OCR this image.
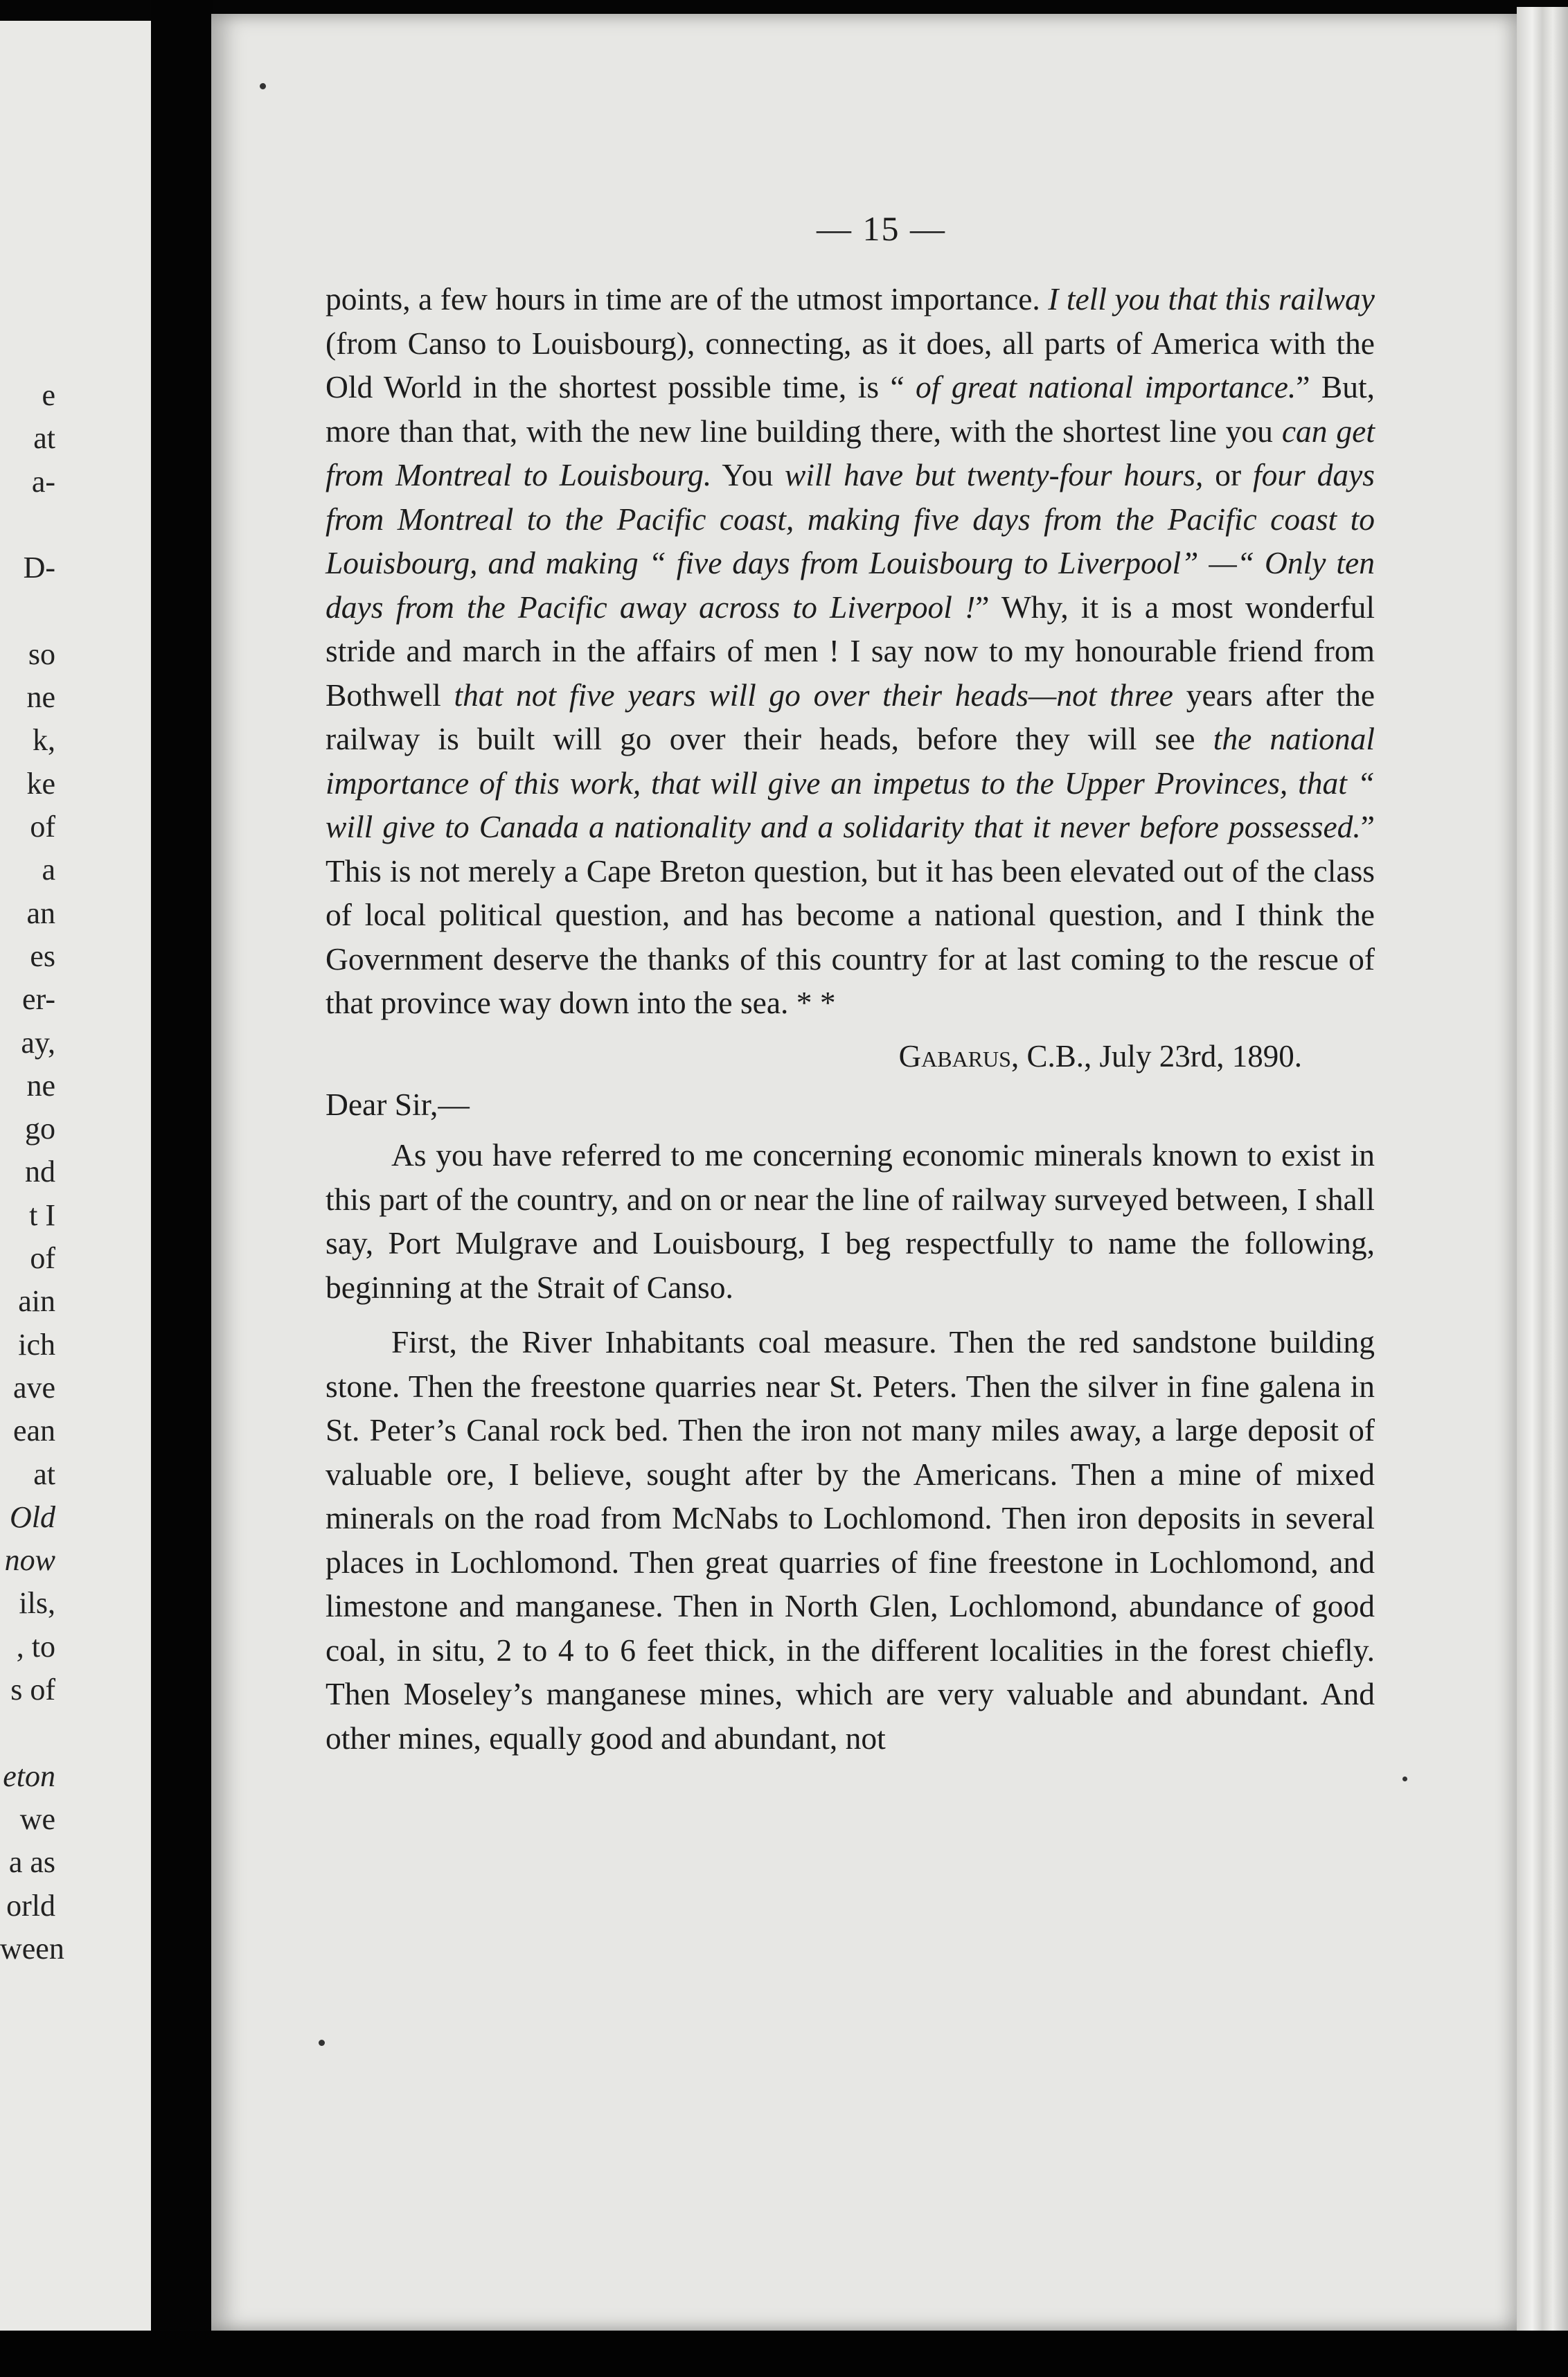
e
at
a-
D-
so
ne
k,
ke
of
a
an
es
er-
ay,
ne
go
nd
t I
of
ain
ich
ave
ean
at
Old
now
ils,
, to
s of
eton
we
a as
orld
ween
— 15 —

points, a few hours in time are of the utmost importance. I tell you that this railway (from Canso to Louisbourg), connecting, as it does, all parts of America with the Old World in the shortest possible time, is “ of great national importance.” But, more than that, with the new line building there, with the shortest line you can get from Montreal to Louisbourg. You will have but twenty-four hours, or four days from Montreal to the Pacific coast, making five days from the Pacific coast to Louisbourg, and making “ five days from Louisbourg to Liverpool” —“ Only ten days from the Pacific away across to Liverpool !” Why, it is a most wonderful stride and march in the affairs of men ! I say now to my honourable friend from Bothwell that not five years will go over their heads—not three years after the railway is built will go over their heads, before they will see the national importance of this work, that will give an impetus to the Upper Provinces, that “ will give to Canada a nationality and a solidarity that it never before possessed.” This is not merely a Cape Breton question, but it has been elevated out of the class of local political question, and has become a national question, and I think the Government deserve the thanks of this country for at last coming to the rescue of that province way down into the sea. * *

Gabarus, C.B., July 23rd, 1890.
Dear Sir,—

As you have referred to me concerning economic minerals known to exist in this part of the country, and on or near the line of railway surveyed between, I shall say, Port Mulgrave and Louisbourg, I beg respectfully to name the following, beginning at the Strait of Canso.

First, the River Inhabitants coal measure. Then the red sandstone building stone. Then the freestone quarries near St. Peters. Then the silver in fine galena in St. Peter’s Canal rock bed. Then the iron not many miles away, a large deposit of valuable ore, I believe, sought after by the Americans. Then a mine of mixed minerals on the road from McNabs to Lochlomond. Then iron deposits in several places in Lochlomond. Then great quarries of fine freestone in Lochlomond, and limestone and manganese. Then in North Glen, Lochlomond, abundance of good coal, in situ, 2 to 4 to 6 feet thick, in the different localities in the forest chiefly. Then Moseley’s manganese mines, which are very valuable and abundant. And other mines, equally good and abundant, not
